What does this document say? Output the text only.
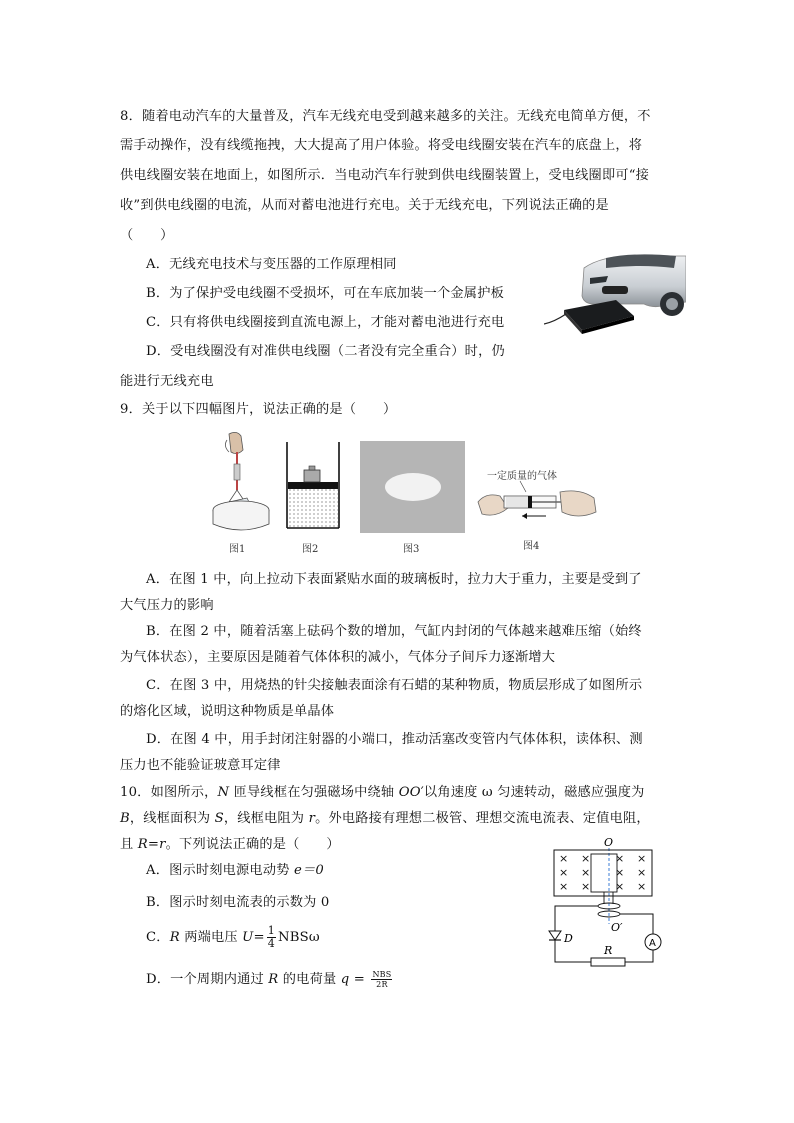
8．随着电动汽车的大量普及，汽车无线充电受到越来越多的关注。无线充电简单方便，不
需手动操作，没有线缆拖拽，大大提高了用户体验。将受电线圈安装在汽车的底盘上，将
供电线圈安装在地面上，如图所示．当电动汽车行驶到供电线圈装置上，受电线圈即可“接
收”到供电线圈的电流，从而对蓄电池进行充电。关于无线充电，下列说法正确的是
（　　）
A．无线充电技术与变压器的工作原理相同
B．为了保护受电线圈不受损坏，可在车底加装一个金属护板
C．只有将供电线圈接到直流电源上，才能对蓄电池进行充电
D．受电线圈没有对准供电线圈（二者没有完全重合）时，仍
能进行无线充电
9．关于以下四幅图片，说法正确的是（　　）
图1	图2	图3
一定质量的气体
图4
A．在图 1 中，向上拉动下表面紧贴水面的玻璃板时，拉力大于重力，主要是受到了
大气压力的影响
B．在图 2 中，随着活塞上砝码个数的增加，气缸内封闭的气体越来越难压缩（始终
为气体状态），主要原因是随着气体体积的减小，气体分子间斥力逐渐增大
C．在图 3 中，用烧热的针尖接触表面涂有石蜡的某种物质，物质层形成了如图所示
的熔化区域，说明这种物质是单晶体
D．在图 4 中，用手封闭注射器的小端口，推动活塞改变管内气体体积，读体积、测
压力也不能验证玻意耳定律
10．如图所示，N 匝导线框在匀强磁场中绕轴 OO′以角速度 ω 匀速转动，磁感应强度为
B，线框面积为 S，线框电阻为 r。外电路接有理想二极管、理想交流电流表、定值电阻，
且 R=r。下列说法正确的是（　　）
A．图示时刻电源电动势 e＝0
B．图示时刻电流表的示数为 0
C．R 两端电压 $U= \frac{1}{4}$ NBSω
D．一个周期内通过 R 的电荷量 $q = \frac{\text{NBS}}{2R}$
O
× × × ×
× × × ×
× × × ×
O′
D
R
A
